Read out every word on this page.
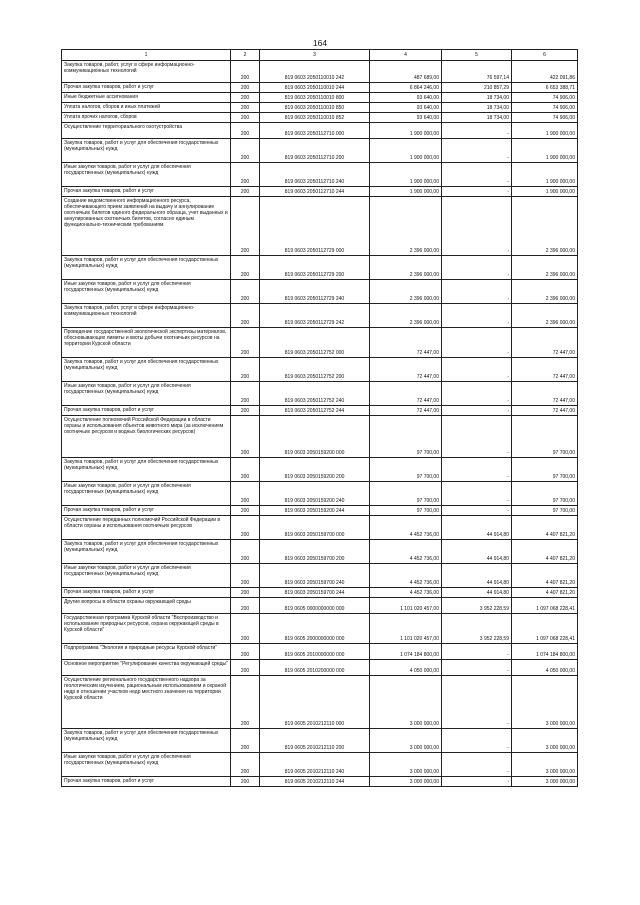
164
1	2	3	4	5	6
Закупка товаров, работ, услуг в сфере информационно-коммуникационных технологий	200	819 0603 2050110010 242	487 689,00	76 597,14	422 091,86
Прочая закупка товаров, работ и услуг	200	819 0603 2050110010 244	6 864 246,00	210 857,29	6 653 388,71
Иные бюджетные ассигнования	200	819 0603 2050110010 800	93 640,00	18 734,00	74 906,00
Уплата налогов, сборов и иных платежей	200	819 0603 2050110010 850	93 640,00	18 734,00	74 906,00
Уплата прочих налогов, сборов	200	819 0603 2050110010 852	93 640,00	18 734,00	74 906,00
Осуществление территориального охотустройства	200	819 0603 2050112710 000	1 900 000,00	-	1 900 000,00
Закупка товаров, работ и услуг для обеспечения государственных (муниципальных) нужд	200	819 0603 2050112710 200	1 900 000,00	-	1 900 000,00
Иные закупки товаров, работ и услуг для обеспечения государственных (муниципальных) нужд	200	819 0603 2050112710 240	1 900 000,00	-	1 900 000,00
Прочая закупка товаров, работ и услуг	200	819 0603 2050112710 244	1 900 000,00	-	1 900 000,00
Создание ведомственного информационного ресурса, обеспечивающего прием заявлений на выдачу и аннулирование охотничьих билетов единого федерального образца, учет выданных и аннулированных охотничьих билетов, согласно единым функционально-техническим требованиям	200	819 0603 2050112729 000	2 396 000,00	-	2 396 000,00
Закупка товаров, работ и услуг для обеспечения государственных (муниципальных) нужд	200	819 0603 2050112729 200	2 396 000,00	-	2 396 000,00
Иные закупки товаров, работ и услуг для обеспечения государственных (муниципальных) нужд	200	819 0603 2050112729 240	2 396 000,00	-	2 396 000,00
Закупка товаров, работ, услуг в сфере информационно-коммуникационных технологий	200	819 0603 2050112729 242	2 396 000,00	-	2 396 000,00
Проведение государственной экологической экспертизы материалов, обосновывающих лимиты и квоты добычи охотничьих ресурсов на территории Курской области	200	819 0603 2050112752 000	72 447,00	-	72 447,00
Закупка товаров, работ и услуг для обеспечения государственных (муниципальных) нужд	200	819 0603 2050112752 200	72 447,00	-	72 447,00
Иные закупки товаров, работ и услуг для обеспечения государственных (муниципальных) нужд	200	819 0603 2050112752 240	72 447,00	-	72 447,00
Прочая закупка товаров, работ и услуг	200	819 0603 2050112752 244	72 447,00	-	72 447,00
Осуществление полномочий Российской Федерации в области охраны и использования объектов животного мира (за исключением охотничьих ресурсов и водных биологических ресурсов)	200	819 0603 2050159200 000	97 700,00	-	97 700,00
Закупка товаров, работ и услуг для обеспечения государственных (муниципальных) нужд	200	819 0603 2050159200 200	97 700,00	-	97 700,00
Иные закупки товаров, работ и услуг для обеспечения государственных (муниципальных) нужд	200	819 0603 2050159200 240	97 700,00	-	97 700,00
Прочая закупка товаров, работ и услуг	200	819 0603 2050159200 244	97 700,00	-	97 700,00
Осуществление переданных полномочий Российской Федерации в области охраны и использования охотничьих ресурсов	200	819 0603 2050159700 000	4 452 736,00	44 914,80	4 407 821,20
Закупка товаров, работ и услуг для обеспечения государственных (муниципальных) нужд	200	819 0603 2050159700 200	4 452 736,00	44 914,80	4 407 821,20
Иные закупки товаров, работ и услуг для обеспечения государственных (муниципальных) нужд	200	819 0603 2050159700 240	4 452 736,00	44 914,80	4 407 821,20
Прочая закупка товаров, работ и услуг	200	819 0603 2050159700 244	4 452 736,00	44 914,80	4 407 821,20
Другие вопросы в области охраны окружающей среды	200	819 0605 0000000000 000	1 101 020 457,00	3 952 228,59	1 097 068 228,41
Государственная программа Курской области "Воспроизводство и использование природных ресурсов, охрана окружающей среды в Курской области"	200	819 0605 2000000000 000	1 101 020 457,00	3 952 228,59	1 097 068 228,41
Подпрограмма "Экология и природные ресурсы Курской области"	200	819 0605 2010000000 000	1 074 184 800,00	-	1 074 184 800,00
Основное мероприятие "Регулирование качества окружающей среды"	200	819 0605 2010200000 000	4 050 000,00	-	4 050 000,00
Осуществление регионального государственного надзора за геологическим изучением, рациональным использованием и охраной недр в отношении участков недр местного значения на территории Курской области	200	819 0605 2010212110 000	3 000 000,00	-	3 000 000,00
Закупка товаров, работ и услуг для обеспечения государственных (муниципальных) нужд	200	819 0605 2010212110 200	3 000 000,00	-	3 000 000,00
Иные закупки товаров, работ и услуг для обеспечения государственных (муниципальных) нужд	200	819 0605 2010212110 240	3 000 000,00	-	3 000 000,00
Прочая закупка товаров, работ и услуг	200	819 0605 2010212110 244	3 000 000,00	-	3 000 000,00
